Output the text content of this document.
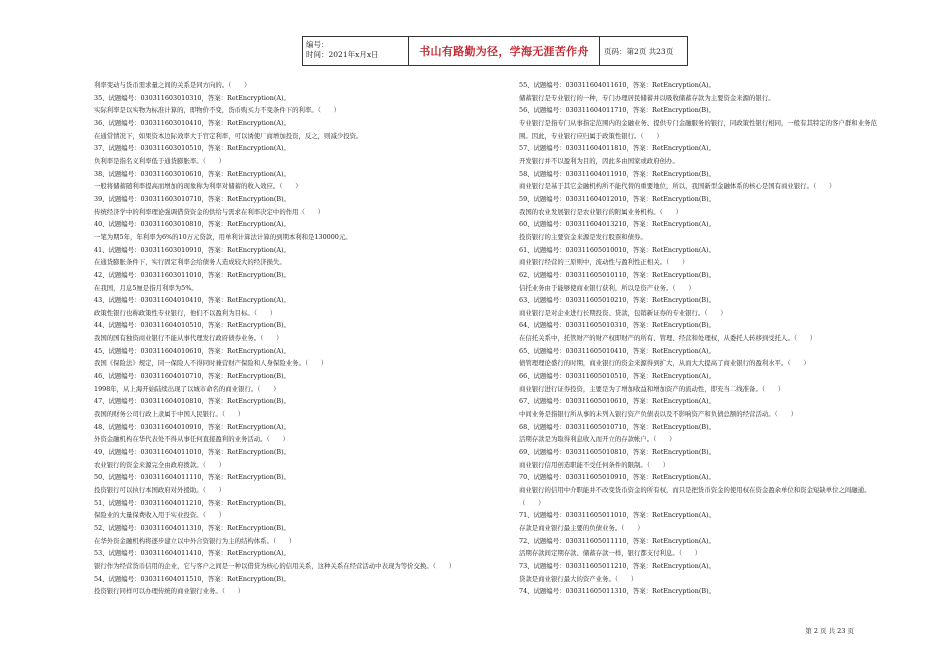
编号：
时间：2021年x月x日	书山有路勤为径，学海无涯苦作舟	页码：第2页 共23页
利率变动与货币需求量之间的关系是同方向的。（　　）
35、试题编号：030311603010310，答案：RetEncryption(A)。
实际利率是以实物为标准计算的，即物价不变，货币购买力不变条件下的利率。（　　）
36、试题编号：030311603010410，答案：RetEncryption(A)。
在通常情况下，如果资本边际效率大于官定利率，可以诱使厂商增加投资，反之，则减少投资。
37、试题编号：030311603010510，答案：RetEncryption(A)。
负利率是指名义利率低于通货膨胀率。（　　）
38、试题编号：030311603010610，答案：RetEncryption(A)。
一般将储蓄随利率提高而增加的现象称为利率对储蓄的收入效应。（　　）
39、试题编号：030311603010710，答案：RetEncryption(B)。
传统经济学中的利率理论强调借贷资金的供给与需求在利率决定中的作用（　　）
40、试题编号：030311603010810，答案：RetEncryption(A)。
一笔为期5年，年利率为6%的10万元贷款，用单利计算法计算的到期本利和是130000元。
41、试题编号：030311603010910，答案：RetEncryption(A)。
在通货膨胀条件下，实行固定利率会给债务人造成较大的经济损失。
42、试题编号：030311603011010，答案：RetEncryption(B)。
在我国，月息5厘是指月利率为5%。
43、试题编号：030311604010410，答案：RetEncryption(A)。
政策性银行也称政策性专业银行，他们不以盈利为目标。（　　）
44、试题编号：030311604010510，答案：RetEncryption(B)。
我国的国有独资商业银行不能从事代理发行政府债券业务。（　　）
45、试题编号：030311604010610，答案：RetEncryption(A)。
我国《保险法》规定，同一保险人不得同时兼营财产保险和人身保险业务。（　　）
46、试题编号：030311604010710，答案：RetEncryption(B)。
1998年，从上海开始陆续出现了以城市命名的商业银行。（　　）
47、试题编号：030311604010810，答案：RetEncryption(B)。
我国的财务公司行政上隶属于中国人民银行。（　　）
48、试题编号：030311604010910，答案：RetEncryption(A)。
外资金融机构在华代表处不得从事任何直接盈利的业务活动。（　　）
49、试题编号：030311604011010，答案：RetEncryption(B)。
农业银行的资金来源完全由政府拨款。（　　）
50、试题编号：030311604011110，答案：RetEncryption(B)。
投资银行可以执行本国政府对外援助。（　　）
51、试题编号：030311604011210，答案：RetEncryption(B)。
保险业的大量保费收入用于实业投资。（　　）
52、试题编号：030311604011310，答案：RetEncryption(B)。
在华外资金融机构将逐步建立以中外合资银行为主的结构体系。（　　）
53、试题编号：030311604011410，答案：RetEncryption(A)。
银行作为经营货币信用的企业，它与客户之间是一种以借贷为核心的信用关系，这种关系在经营活动中表现为等价交换。（　　）
54、试题编号：030311604011510，答案：RetEncryption(B)。
投资银行同样可以办理传统的商业银行业务。（　　）
55、试题编号：030311604011610，答案：RetEncryption(A)。
储蓄银行是专业银行的一种，专门办理居民储蓄并以吸收储蓄存款为主要资金来源的银行。
56、试题编号：030311604011710，答案：RetEncryption(B)。
专业银行是指专门从事指定范围内的金融业务、提供专门金融服务的银行，同政策性银行相同，一般有其特定的客户群和业务范围。因此，专业银行应归属于政策性银行。（　　）
57、试题编号：030311604011810，答案：RetEncryption(A)。
开发银行并不以盈利为目的，因此多由国家或政府创办。
58、试题编号：030311604011910，答案：RetEncryption(B)。
商业银行是基于其它金融机构所不能代替的重要地位，所以，我国新型金融体系的核心是国有商业银行。（　　）
59、试题编号：030311604012010，答案：RetEncryption(B)。
我国的农业发展银行是农业银行的附属业务机构。（　　）
60、试题编号：030311604013210，答案：RetEncryption(A)。
投资银行的主要资金来源是发行股票和债券。
61、试题编号：030311605010010，答案：RetEncryption(A)。
商业银行经营的三原则中，流动性与盈利性正相关。（　　）
62、试题编号：030311605010110，答案：RetEncryption(B)。
信托业务由于能够使商业银行获利，所以是资产业务。（　　）
63、试题编号：030311605010210，答案：RetEncryption(B)。
商业银行是对企业进行长期投资、贷款，包销新证券的专业银行。（　　）
64、试题编号：030311605010310，答案：RetEncryption(B)。
在信托关系中，托管财产的财产权即财产的所有、管理、经营和处理权，从委托人转移到受托人。（　　）
65、试题编号：030311605010410，答案：RetEncryption(A)。
债管理理论盛行的时期，商业银行的资金来源得到扩大，从而大大提高了商业银行的盈利水平。（　　）
66、试题编号：030311605010510，答案：RetEncryption(A)。
商业银行进行证券投资，主要是为了增加收益和增加资产的流动性，即充当二线准备。（　　）
67、试题编号：030311605010610，答案：RetEncryption(A)。
中间业务是指银行所从事的未列入银行资产负债表以及不影响资产和负债总额的经营活动。（　　）
68、试题编号：030311605010710，答案：RetEncryption(B)。
活期存款是为取得利息收入而开立的存款帐户。（　　）
69、试题编号：030311605010810，答案：RetEncryption(B)。
商业银行信用创造职能不受任何条件的限制。（　　）
70、试题编号：030311605010910，答案：RetEncryption(A)。
商业银行的信用中介职能并不改变货币资金的所有权，而只是把货币资金的使用权在资金盈余单位和资金短缺单位之间融通。（　　）
71、试题编号：030311605011010，答案：RetEncryption(A)。
存款是商业银行最主要的负债业务。（　　）
72、试题编号：030311605011110，答案：RetEncryption(A)。
活期存款间定期存款、储蓄存款一样，银行都支付利息。（　　）
73、试题编号：030311605011210，答案：RetEncryption(A)。
贷款是商业银行最大的资产业务。（　　）
74、试题编号：030311605011310，答案：RetEncryption(B)。
第 2 页 共 23 页
